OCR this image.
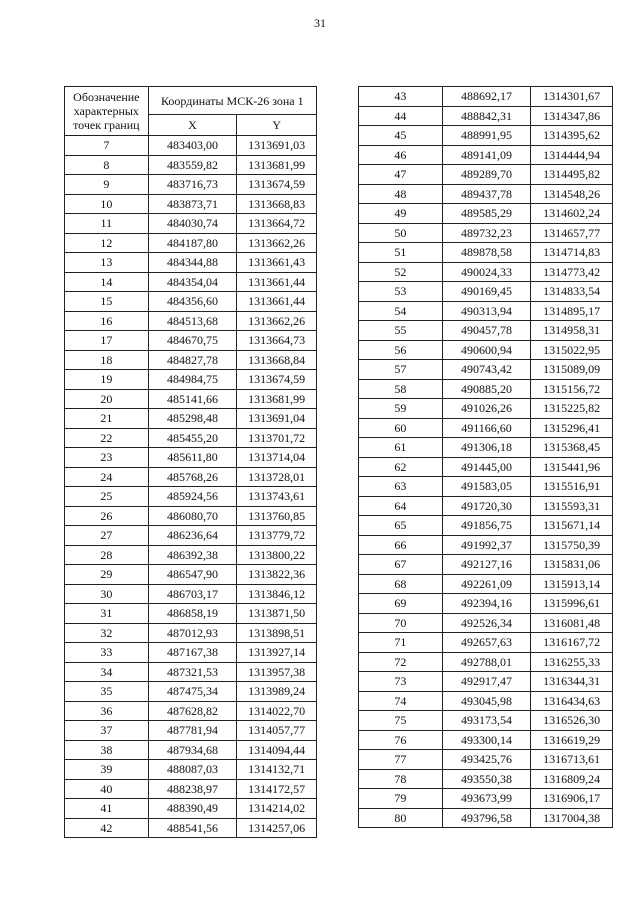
31
Обозначение характерных точек границ	Координаты МСК-26 зона 1	
	X	Y
7	483403,00	1313691,03
8	483559,82	1313681,99
9	483716,73	1313674,59
10	483873,71	1313668,83
11	484030,74	1313664,72
12	484187,80	1313662,26
13	484344,88	1313661,43
14	484354,04	1313661,44
15	484356,60	1313661,44
16	484513,68	1313662,26
17	484670,75	1313664,73
18	484827,78	1313668,84
19	484984,75	1313674,59
20	485141,66	1313681,99
21	485298,48	1313691,04
22	485455,20	1313701,72
23	485611,80	1313714,04
24	485768,26	1313728,01
25	485924,56	1313743,61
26	486080,70	1313760,85
27	486236,64	1313779,72
28	486392,38	1313800,22
29	486547,90	1313822,36
30	486703,17	1313846,12
31	486858,19	1313871,50
32	487012,93	1313898,51
33	487167,38	1313927,14
34	487321,53	1313957,38
35	487475,34	1313989,24
36	487628,82	1314022,70
37	487781,94	1314057,77
38	487934,68	1314094,44
39	488087,03	1314132,71
40	488238,97	1314172,57
41	488390,49	1314214,02
42	488541,56	1314257,06
43	488692,17	1314301,67
44	488842,31	1314347,86
45	488991,95	1314395,62
46	489141,09	1314444,94
47	489289,70	1314495,82
48	489437,78	1314548,26
49	489585,29	1314602,24
50	489732,23	1314657,77
51	489878,58	1314714,83
52	490024,33	1314773,42
53	490169,45	1314833,54
54	490313,94	1314895,17
55	490457,78	1314958,31
56	490600,94	1315022,95
57	490743,42	1315089,09
58	490885,20	1315156,72
59	491026,26	1315225,82
60	491166,60	1315296,41
61	491306,18	1315368,45
62	491445,00	1315441,96
63	491583,05	1315516,91
64	491720,30	1315593,31
65	491856,75	1315671,14
66	491992,37	1315750,39
67	492127,16	1315831,06
68	492261,09	1315913,14
69	492394,16	1315996,61
70	492526,34	1316081,48
71	492657,63	1316167,72
72	492788,01	1316255,33
73	492917,47	1316344,31
74	493045,98	1316434,63
75	493173,54	1316526,30
76	493300,14	1316619,29
77	493425,76	1316713,61
78	493550,38	1316809,24
79	493673,99	1316906,17
80	493796,58	1317004,38
